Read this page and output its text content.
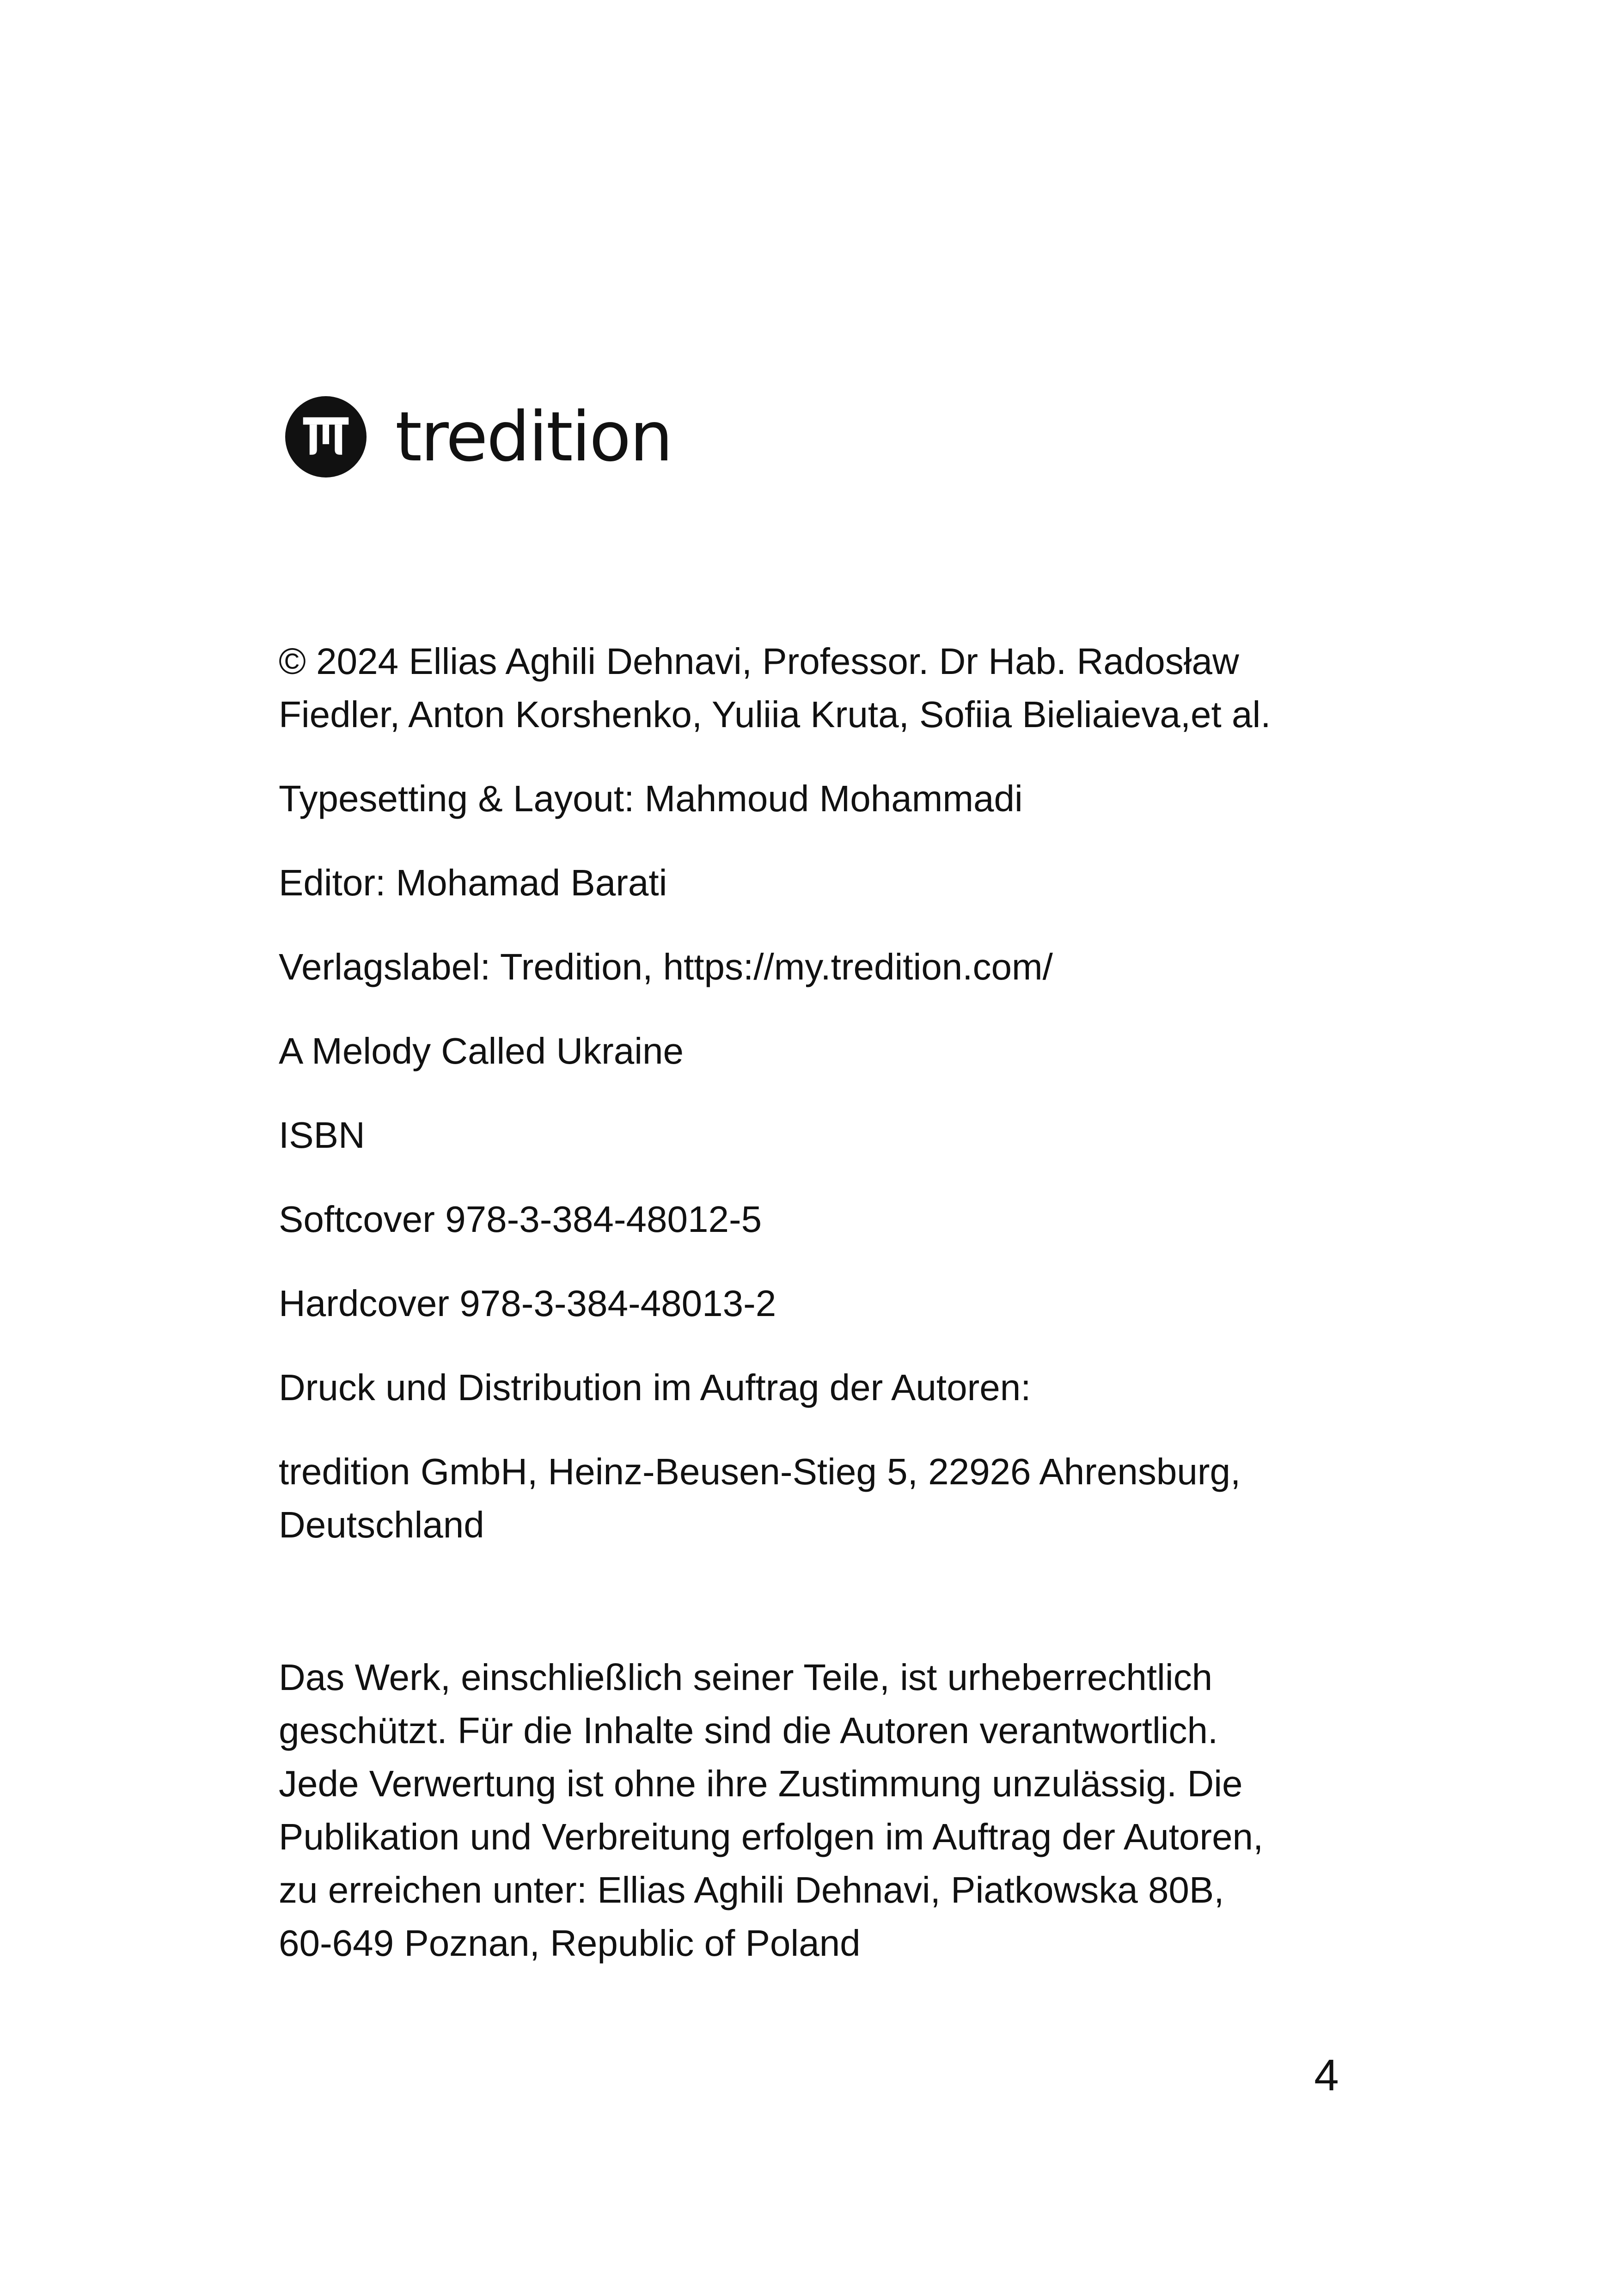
tredition
© 2024 Ellias Aghili Dehnavi, Professor. Dr Hab. Radosław
Fiedler, Anton Korshenko, Yuliia Kruta, Sofiia Bieliaieva,et al.
Typesetting & Layout: Mahmoud Mohammadi
Editor: Mohamad Barati
Verlagslabel: Tredition, https://my.tredition.com/
A Melody Called Ukraine
ISBN
Softcover 978-3-384-48012-5
Hardcover 978-3-384-48013-2
Druck und Distribution im Auftrag der Autoren:
tredition GmbH, Heinz-Beusen-Stieg 5, 22926 Ahrensburg,
Deutschland
Das Werk, einschließlich seiner Teile, ist urheberrechtlich
geschützt. Für die Inhalte sind die Autoren verantwortlich.
Jede Verwertung ist ohne ihre Zustimmung unzulässig. Die
Publikation und Verbreitung erfolgen im Auftrag der Autoren,
zu erreichen unter: Ellias Aghili Dehnavi, Piatkowska 80B,
60-649 Poznan, Republic of Poland
4
